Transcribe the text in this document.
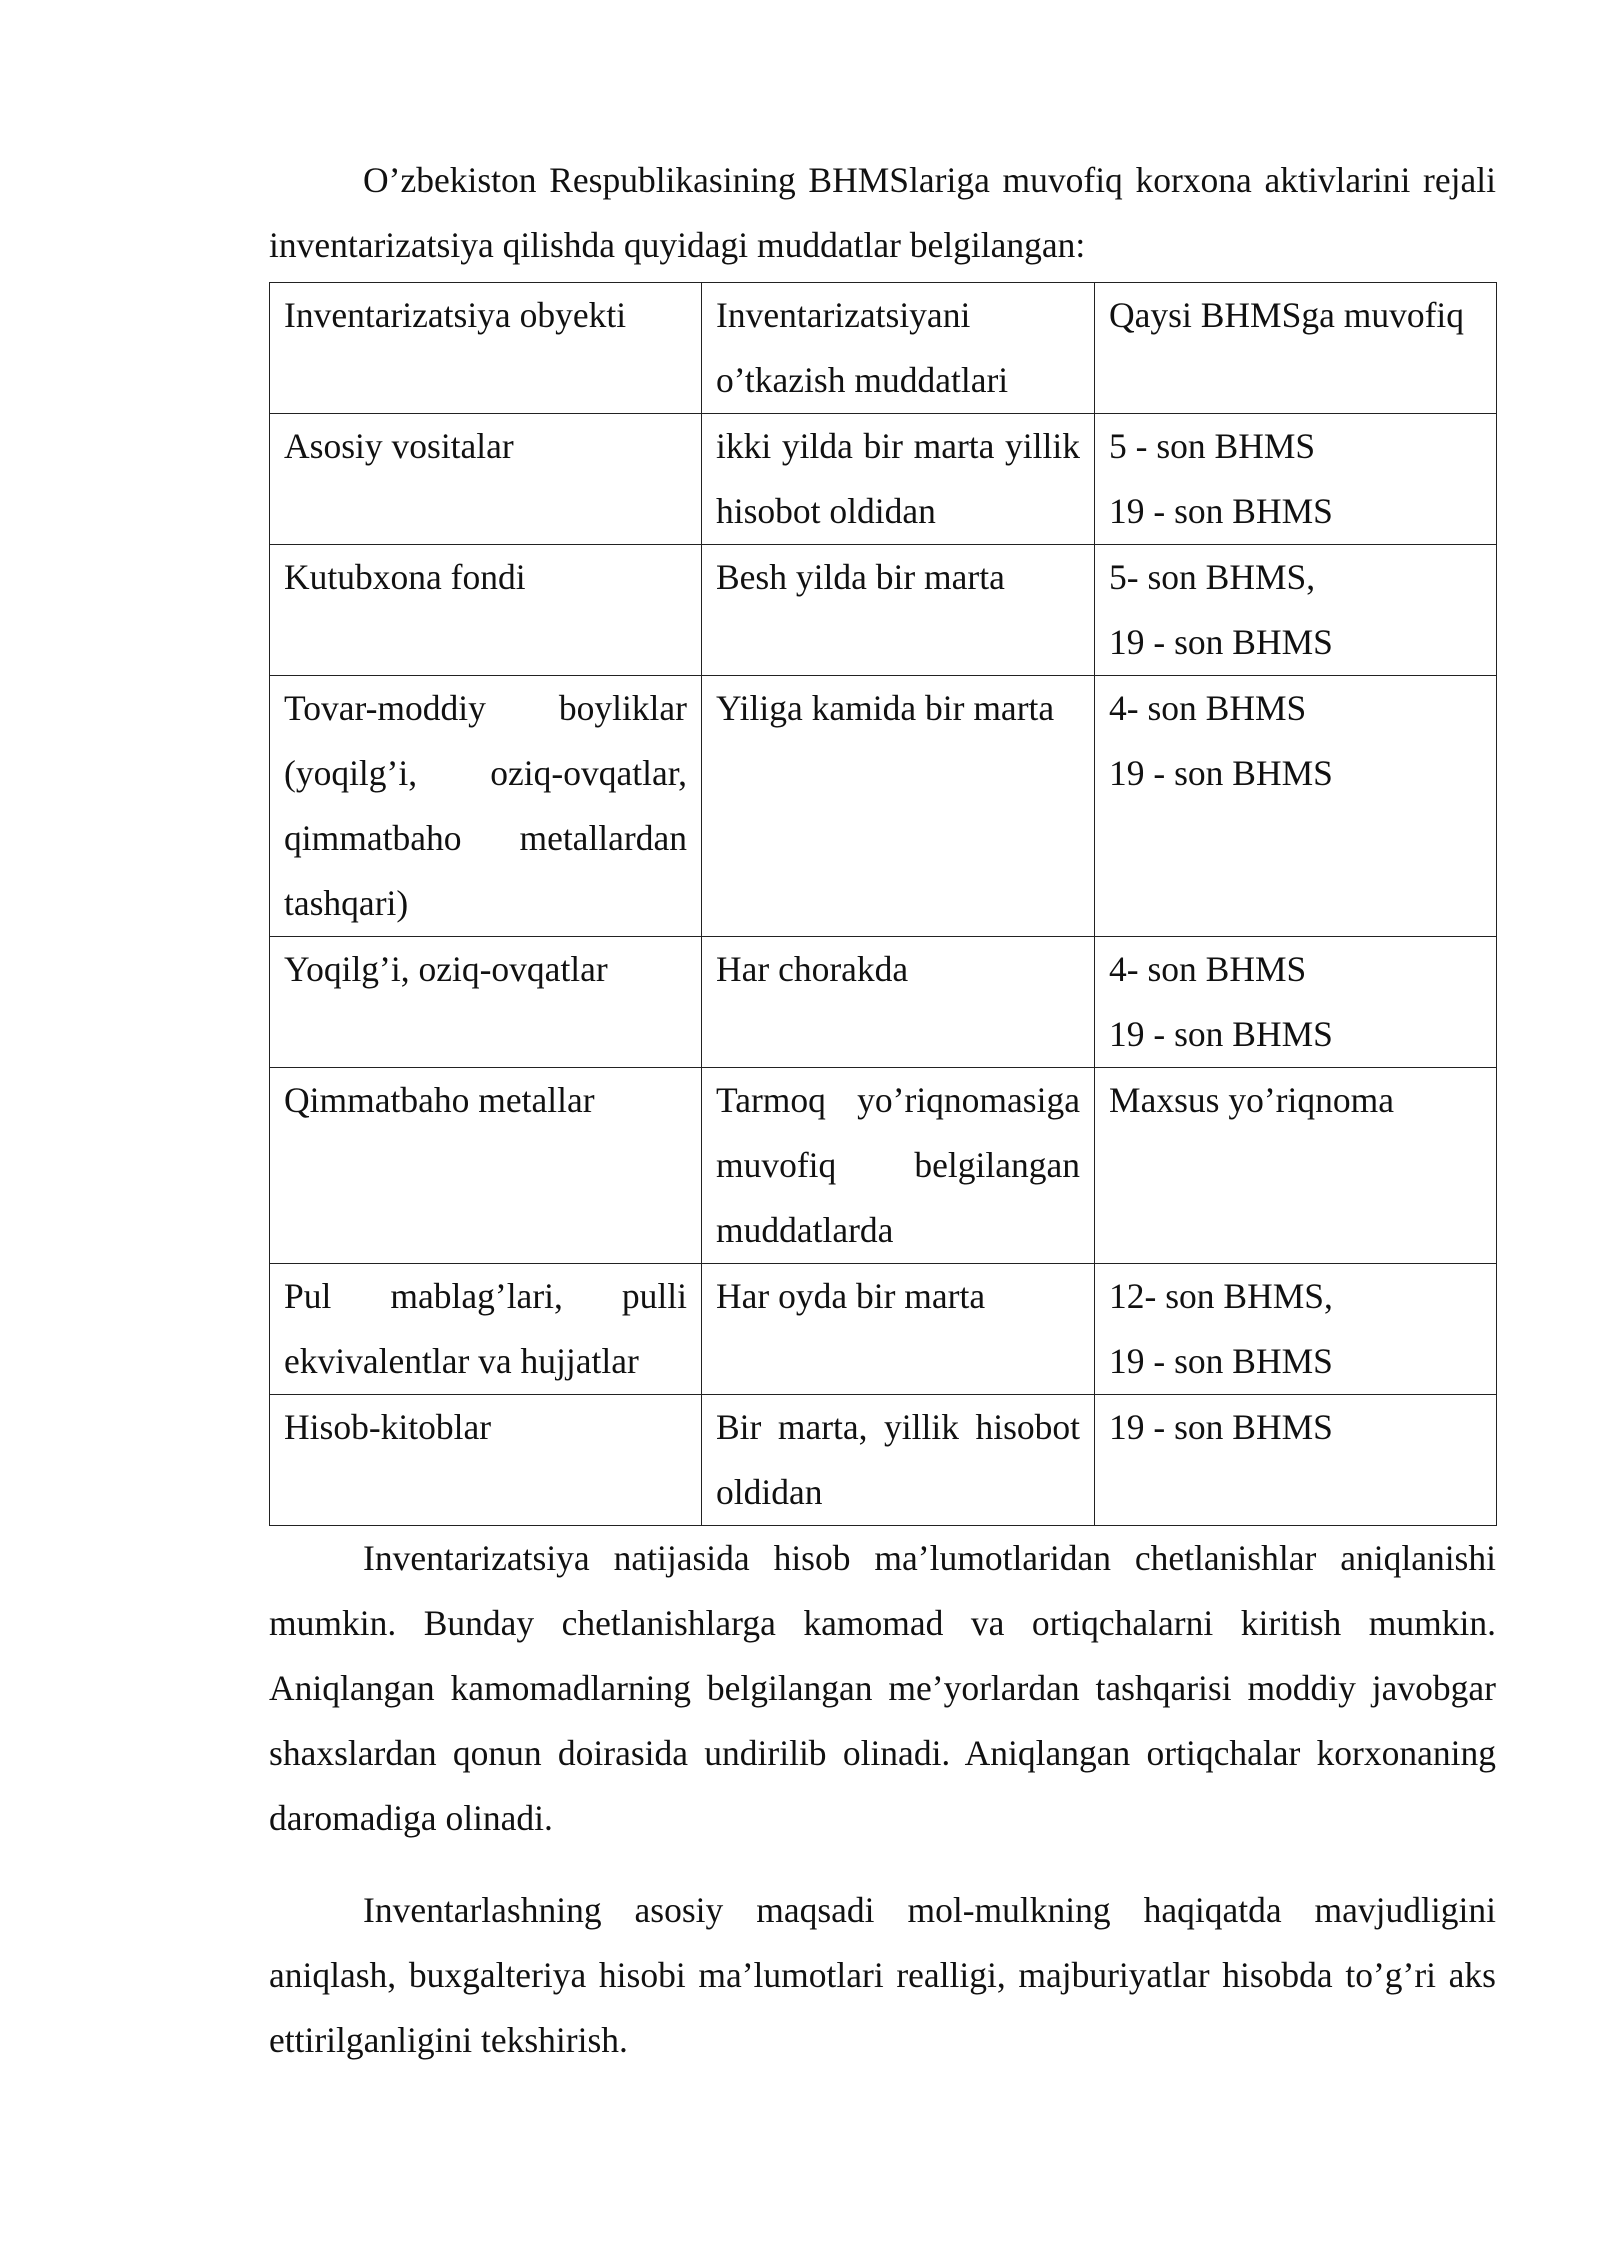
O’zbekiston Respublikasining BHMSlariga muvofiq korxona aktivlarini rejali inventarizatsiya qilishda quyidagi muddatlar belgilangan:

Inventarizatsiya obyekti	Inventarizatsiyani o’tkazish muddatlari	Qaysi BHMSga muvofiq
Asosiy vositalar	ikki yilda bir marta yillik hisobot oldidan	5 - son BHMS
19 - son BHMS

Kutubxona fondi	Besh yilda bir marta	5- son BHMS,
19 - son BHMS

Tovar-moddiy boyliklar (yoqilg’i, oziq-ovqatlar, qimmatbaho metallardan tashqari)	Yiliga kamida bir marta	4- son BHMS
19 - son BHMS

Yoqilg’i, oziq-ovqatlar	Har chorakda	4- son BHMS
19 - son BHMS

Qimmatbaho metallar	Tarmoq yo’riqnomasiga muvofiq belgilangan muddatlarda	Maxsus yo’riqnoma

Pul mablag’lari, pulli ekvivalentlar va hujjatlar	Har oyda bir marta	12- son BHMS,
19 - son BHMS

Hisob-kitoblar	Bir marta, yillik hisobot oldidan	19 - son BHMS

Inventarizatsiya natijasida hisob ma’lumotlaridan chetlanishlar aniqlanishi mumkin. Bunday chetlanishlarga kamomad va ortiqchalarni kiritish mumkin. Aniqlangan kamomadlarning belgilangan me’yorlardan tashqarisi moddiy javobgar shaxslardan qonun doirasida undirilib olinadi. Aniqlangan ortiqchalar korxonaning daromadiga olinadi.

Inventarlashning asosiy maqsadi mol-mulkning haqiqatda mavjudligini aniqlash, buxgalteriya hisobi ma’lumotlari realligi, majburiyatlar hisobda to’g’ri aks ettirilganligini tekshirish.
